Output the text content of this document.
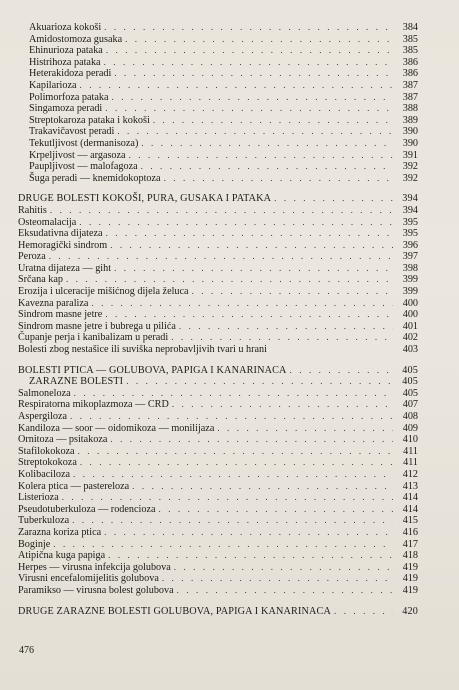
Akuarioza kokoši . . .	384
Amidostomoza gusaka . . .	385
Ehinurioza pataka . . .	385
Histrihoza pataka . . .	386
Heterakidoza peradi . . .	386
Kapilarioza . . .	387
Polimorfoza pataka . . .	387
Singamoza peradi . . .	388
Streptokaroza pataka i kokoši . . .	389
Trakavičavost peradi . . .	390
Tekutljivost (dermanisoza) . . .	390
Krpeljivost — argasoza . . .	391
Paupljivost — malofagoza . . .	392
Šuga peradi — knemidokoptoza . . .	392
DRUGE BOLESTI KOKOŠI, PURA, GUSAKA I PATAKA . . .	394
Rahitis . . .	394
Osteomalacija . . .	395
Eksudativna dijateza . . .	395
Hemoragički sindrom . . .	396
Peroza . . .	397
Uratna dijateza — giht . . .	398
Srčana kap . . .	399
Erozija i ulceracije mišićnog dijela želuca . . .	399
Kavezna paraliza . . .	400
Sindrom masne jetre . . .	400
Sindrom masne jetre i bubrega u pilića . . .	401
Čupanje perja i kanibalizam u peradi . . .	402
Bolesti zbog nestašice ili suviška neprobavljivih tvari u hrani	403
BOLESTI PTICA — GOLUBOVA, PAPIGA I KANARINACA . . .	405
ZARAZNE BOLESTI . . .	405
Salmoneloza . . .	405
Respiratorna mikoplazmoza — CRD . . .	407
Aspergiloza . . .	408
Kandiloza — soor — oidomikoza — monilijaza . . .	409
Ornitoza — psitakoza . . .	410
Stafilokokoza . . .	411
Streptokokoza . . .	411
Kolibaciloza . . .	412
Kolera ptica — pastereloza . . .	413
Listerioza . . .	414
Pseudotuberkuloza — rodencioza . . .	414
Tuberkuloza . . .	415
Zarazna koriza ptica . . .	416
Boginje . . .	417
Atipična kuga papiga . . .	418
Herpes — virusna infekcija golubova . . .	419
Virusni encefalomijelitis golubova . . .	419
Paramikso — virusna bolest golubova . . .	419
DRUGE ZARAZNE BOLESTI GOLUBOVA, PAPIGA I KANARINACA . . .	420
476
